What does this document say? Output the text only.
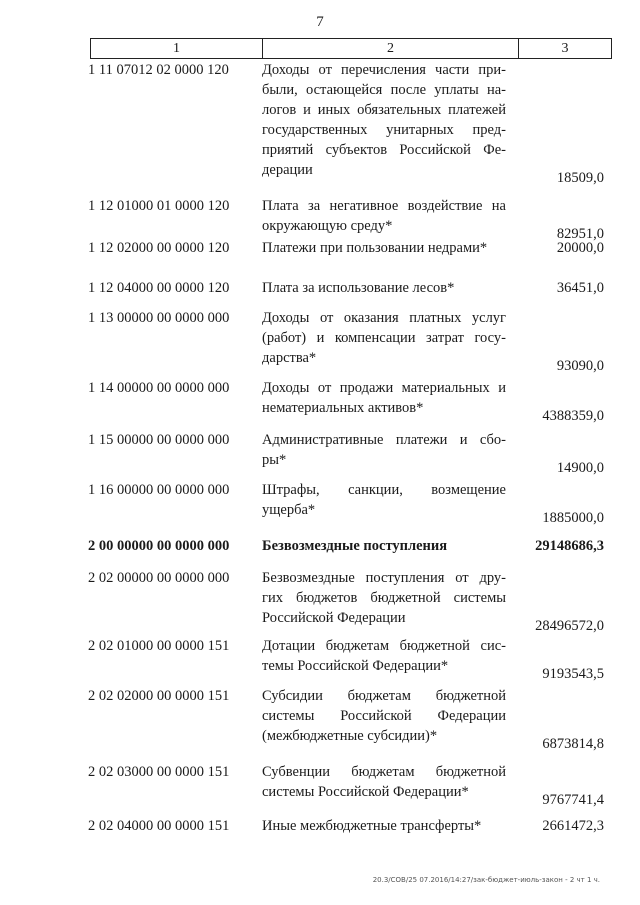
7
1	2	3
1 11 07012 02 0000 120 Доходы от перечисления части при-
были, остающейся после уплаты на-
логов и иных обязательных платежей
государственных унитарных пред-
приятий субъектов Российской Фе-
дерации	18509,0
1 12 01000 01 0000 120 Плата за негативное воздействие на
окружающую среду*	82951,0
1 12 02000 00 0000 120 Платежи при пользовании недрами*	20000,0
1 12 04000 00 0000 120 Плата за использование лесов*	36451,0
1 13 00000 00 0000 000 Доходы от оказания платных услуг
(работ) и компенсации затрат госу-
дарства*	93090,0
1 14 00000 00 0000 000 Доходы от продажи материальных и
нематериальных активов*	4388359,0
1 15 00000 00 0000 000 Административные платежи и сбо-
ры*	14900,0
1 16 00000 00 0000 000 Штрафы, санкции, возмещение
ущерба*	1885000,0
2 00 00000 00 0000 000 Безвозмездные поступления	29148686,3
2 02 00000 00 0000 000 Безвозмездные поступления от дру-
гих бюджетов бюджетной системы
Российской Федерации	28496572,0
2 02 01000 00 0000 151 Дотации бюджетам бюджетной сис-
темы Российской Федерации*	9193543,5
2 02 02000 00 0000 151 Субсидии бюджетам бюджетной
системы Российской Федерации
(межбюджетные субсидии)*	6873814,8
2 02 03000 00 0000 151 Субвенции бюджетам бюджетной
системы Российской Федерации*	9767741,4
2 02 04000 00 0000 151 Иные межбюджетные трансферты*	2661472,3
20.3/СОВ/25 07.2016/14:27/зак-бюджет-июль-закон - 2 чт 1 ч.
